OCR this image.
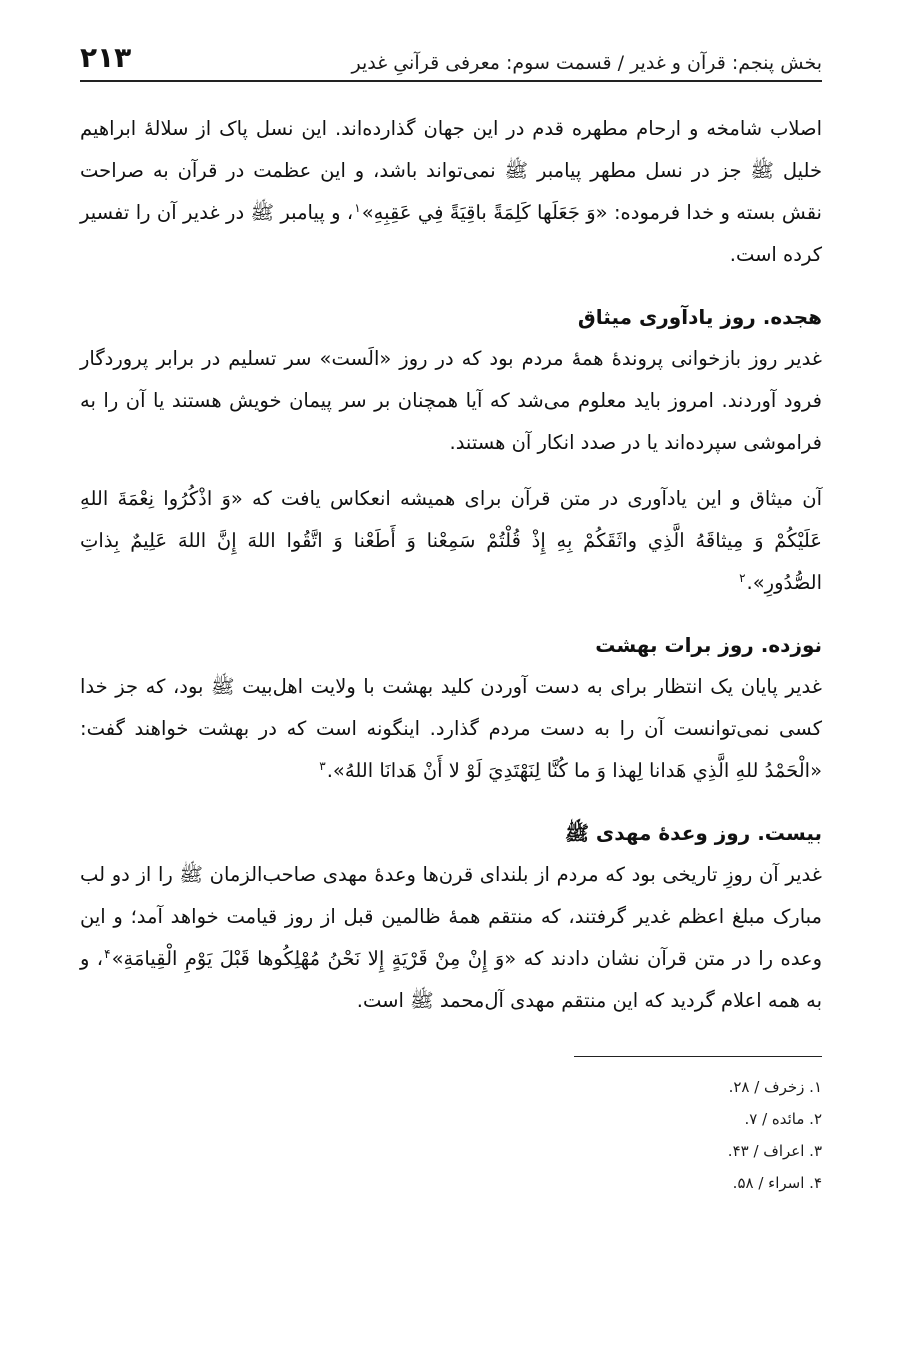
بخش پنجم: قرآن و غدیر / قسمت سوم: معرفی قرآنیِ غدیر
۲۱۳

اصلاب شامخه و ارحام مطهره قدم در این جهان گذارده‌اند. این نسل پاک از سلالهٔ ابراهیم خلیل ﷺ جز در نسل مطهر پیامبر ﷺ نمی‌تواند باشد، و این عظمت در قرآن به صراحت نقش بسته و خدا فرموده: «وَ جَعَلَها كَلِمَةً باقِيَةً فِي عَقِبِهِ»$^۱$، و پیامبر ﷺ در غدیر آن را تفسیر کرده است.

هجده. روز یادآوری میثاق

غدیر روز بازخوانی پروندهٔ همهٔ مردم بود که در روز «الَست» سر تسلیم در برابر پروردگار فرود آوردند. امروز باید معلوم می‌شد که آیا همچنان بر سر پیمان خویش هستند یا آن را به فراموشی سپرده‌اند یا در صدد انکار آن هستند.

آن میثاق و این یادآوری در متن قرآن برای همیشه انعکاس یافت که «وَ اذْكُرُوا نِعْمَةَ اللهِ عَلَيْكُمْ وَ مِيثاقَهُ الَّذِي واثَقَكُمْ بِهِ إِذْ قُلْتُمْ سَمِعْنا وَ أَطَعْنا وَ اتَّقُوا اللهَ إِنَّ اللهَ عَلِيمٌ بِذاتِ الصُّدُورِ».$^۲$

نوزده. روز برات بهشت

غدیر پایان یک انتظار برای به دست آوردن کلید بهشت با ولایت اهل‌بیت ﷺ بود، که جز خدا کسی نمی‌توانست آن را به دست مردم گذارد. اینگونه است که در بهشت خواهند گفت: «الْحَمْدُ للهِ الَّذِي هَدانا لِهذا وَ ما كُنَّا لِنَهْتَدِيَ لَوْ لا أَنْ هَدانَا اللهُ».$^۳$

بیست. روز وعدهٔ مهدی ﷺ

غدیر آن روزِ تاریخی بود که مردم از بلندای قرن‌ها وعدهٔ مهدی صاحب‌الزمان ﷺ را از دو لب مبارک مبلغ اعظم غدیر گرفتند، که منتقم همهٔ ظالمین قبل از روز قیامت خواهد آمد؛ و این وعده را در متن قرآن نشان دادند که «وَ إِنْ مِنْ قَرْيَةٍ إِلا نَحْنُ مُهْلِكُوها قَبْلَ يَوْمِ الْقِيامَةِ»$^۴$، و به همه اعلام گردید که این منتقم مهدی آل‌محمد ﷺ است.

۱. زخرف / ۲۸.
۲. مائده / ۷.
۳. اعراف / ۴۳.
۴. اسراء / ۵۸.
